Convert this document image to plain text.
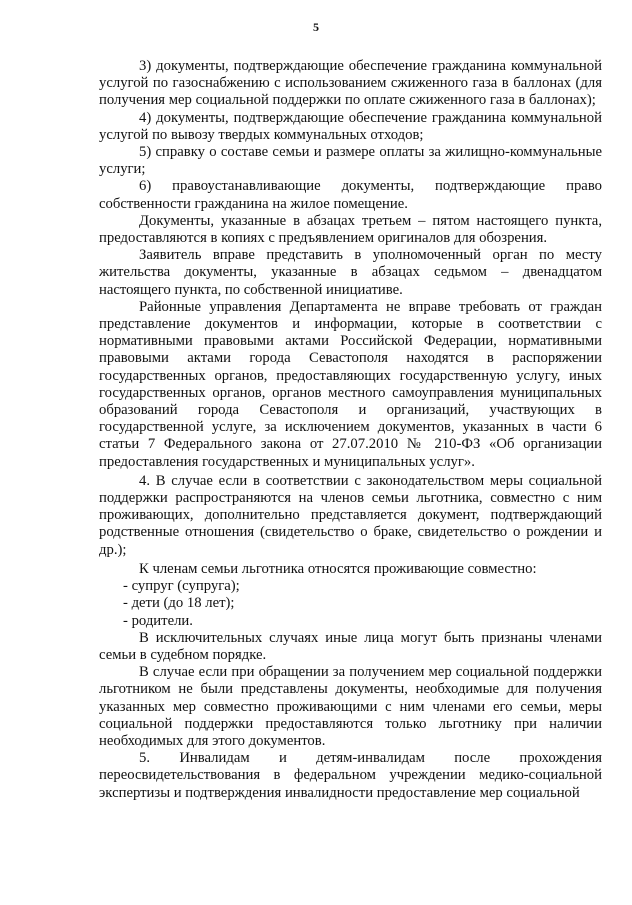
5

3) документы, подтверждающие обеспечение гражданина коммунальной услугой по газоснабжению с использованием сжиженного газа в баллонах (для получения мер социальной поддержки по оплате сжиженного газа в баллонах);

4) документы, подтверждающие обеспечение гражданина коммунальной услугой по вывозу твердых коммунальных отходов;

5) справку о составе семьи и размере оплаты за жилищно-коммунальные услуги;

6) правоустанавливающие документы, подтверждающие право собственности гражданина на жилое помещение.

Документы, указанные в абзацах третьем – пятом настоящего пункта, предоставляются в копиях с предъявлением оригиналов для обозрения.

Заявитель вправе представить в уполномоченный орган по месту жительства документы, указанные в абзацах седьмом – двенадцатом настоящего пункта, по собственной инициативе.

Районные управления Департамента не вправе требовать от граждан представление документов и информации, которые в соответствии с нормативными правовыми актами Российской Федерации, нормативными правовыми актами города Севастополя находятся в распоряжении государственных органов, предоставляющих государственную услугу, иных государственных органов, органов местного самоуправления муниципальных образований города Севастополя и организаций, участвующих в государственной услуге, за исключением документов, указанных в части 6 статьи 7 Федерального закона от 27.07.2010 № 210-ФЗ «Об организации предоставления государственных и муниципальных услуг».

4. В случае если в соответствии с законодательством меры социальной поддержки распространяются на членов семьи льготника, совместно с ним проживающих, дополнительно представляется документ, подтверждающий родственные отношения (свидетельство о браке, свидетельство о рождении и др.);

К членам семьи льготника относятся проживающие совместно:

- супруг (супруга);

- дети (до 18 лет);

- родители.

В исключительных случаях иные лица могут быть признаны членами семьи в судебном порядке.

В случае если при обращении за получением мер социальной поддержки льготником не были представлены документы, необходимые для получения указанных мер совместно проживающими с ним членами его семьи, меры социальной поддержки предоставляются только льготнику при наличии необходимых для этого документов.

5. Инвалидам и детям-инвалидам после прохождения переосвидетельствования в федеральном учреждении медико-социальной экспертизы и подтверждения инвалидности предоставление мер социальной
